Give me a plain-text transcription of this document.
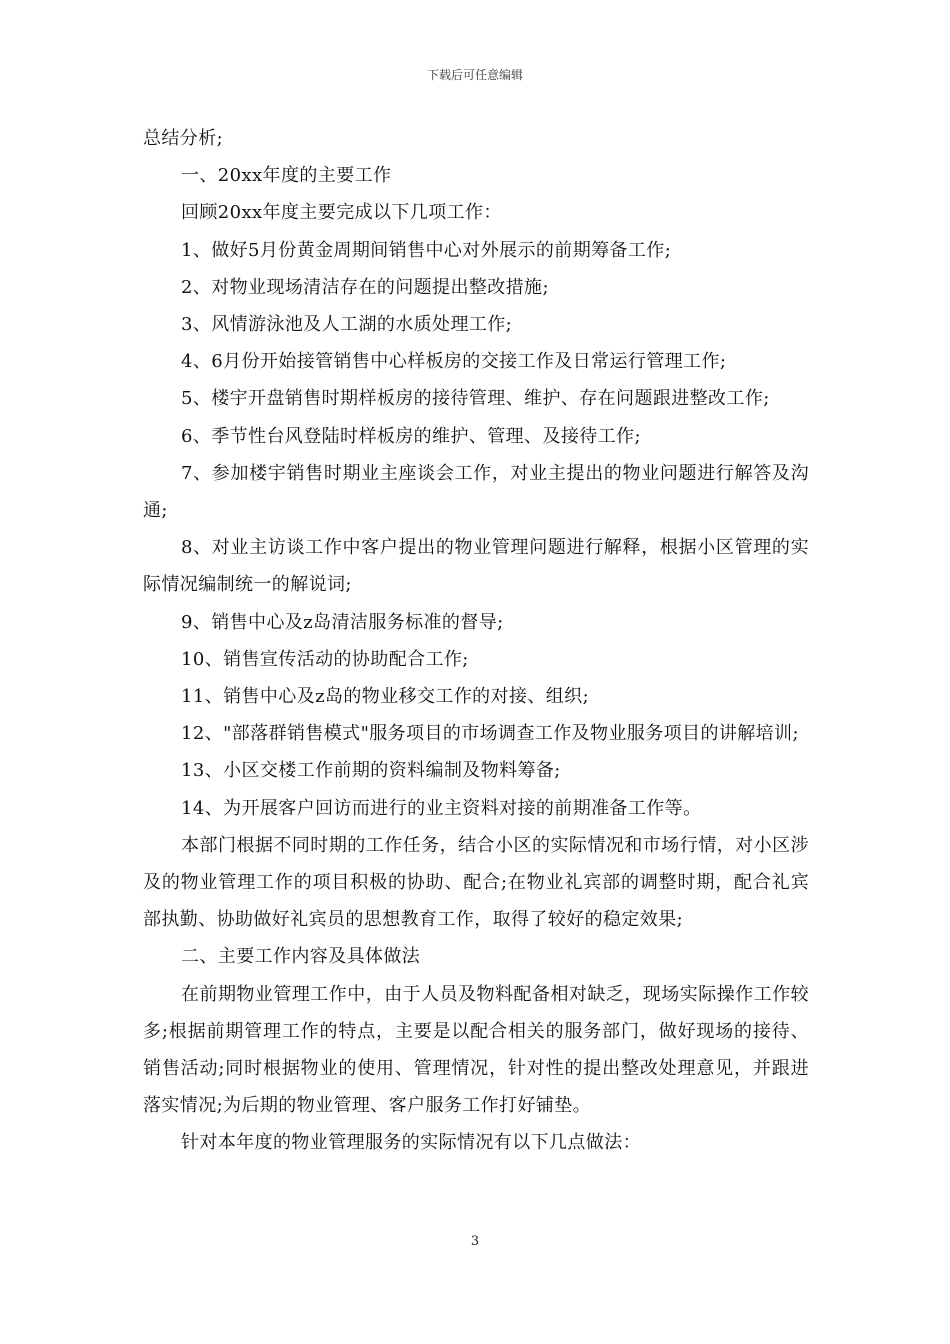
下载后可任意编辑

总结分析;

一、20xx年度的主要工作

回顾20xx年度主要完成以下几项工作：

1、做好5月份黄金周期间销售中心对外展示的前期筹备工作;

2、对物业现场清洁存在的问题提出整改措施;

3、风情游泳池及人工湖的水质处理工作;

4、6月份开始接管销售中心样板房的交接工作及日常运行管理工作;

5、楼宇开盘销售时期样板房的接待管理、维护、存在问题跟进整改工作;

6、季节性台风登陆时样板房的维护、管理、及接待工作;

7、参加楼宇销售时期业主座谈会工作，对业主提出的物业问题进行解答及沟通;

8、对业主访谈工作中客户提出的物业管理问题进行解释，根据小区管理的实际情况编制统一的解说词;

9、销售中心及z岛清洁服务标准的督导;

10、销售宣传活动的协助配合工作;

11、销售中心及z岛的物业移交工作的对接、组织;

12、"部落群销售模式"服务项目的市场调查工作及物业服务项目的讲解培训;

13、小区交楼工作前期的资料编制及物料筹备;

14、为开展客户回访而进行的业主资料对接的前期准备工作等。

本部门根据不同时期的工作任务，结合小区的实际情况和市场行情，对小区涉及的物业管理工作的项目积极的协助、配合;在物业礼宾部的调整时期，配合礼宾部执勤、协助做好礼宾员的思想教育工作，取得了较好的稳定效果;

二、主要工作内容及具体做法

在前期物业管理工作中，由于人员及物料配备相对缺乏，现场实际操作工作较多;根据前期管理工作的特点，主要是以配合相关的服务部门，做好现场的接待、销售活动;同时根据物业的使用、管理情况，针对性的提出整改处理意见，并跟进落实情况;为后期的物业管理、客户服务工作打好铺垫。

针对本年度的物业管理服务的实际情况有以下几点做法：

3
